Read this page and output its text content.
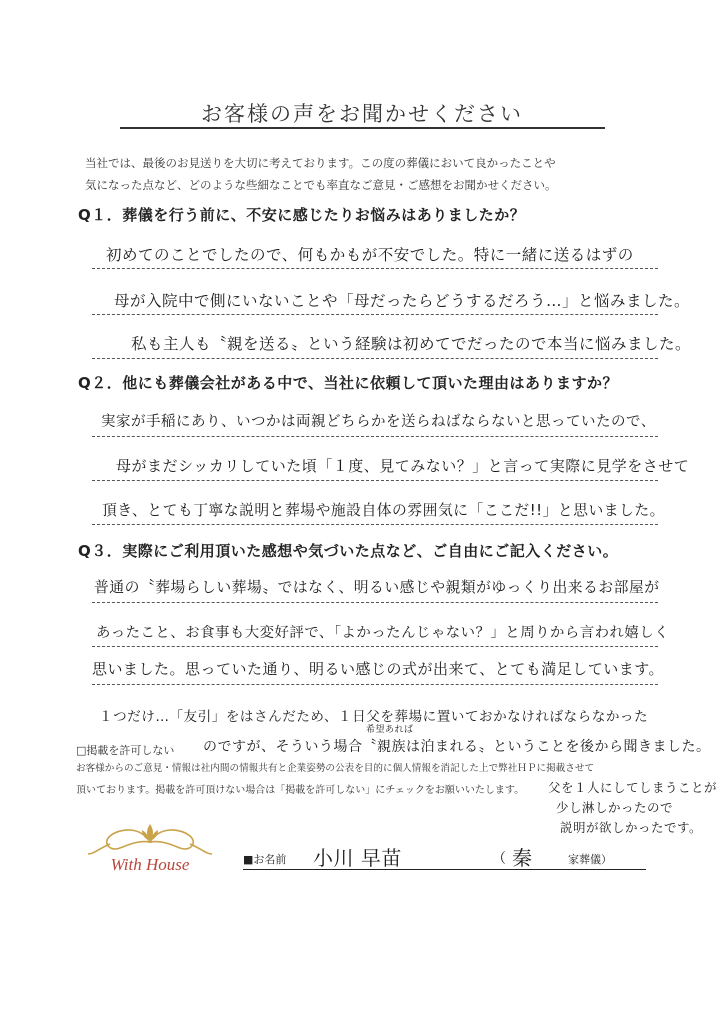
お客様の声をお聞かせください
当社では、最後のお見送りを大切に考えております。この度の葬儀において良かったことや
気になった点など、どのような些細なことでも率直なご意見・ご感想をお聞かせください。
Q１．葬儀を行う前に、不安に感じたりお悩みはありましたか？
初めてのことでしたので、何もかもが不安でした。特に一緒に送るはずの
母が入院中で側にいないことや「母だったらどうするだろう…」と悩みました。
私も主人も〝親を送る〟という経験は初めてでだったので本当に悩みました。
Q２．他にも葬儀会社がある中で、当社に依頼して頂いた理由はありますか？
実家が手稲にあり、いつかは両親どちらかを送らねばならないと思っていたので、
母がまだシッカリしていた頃「１度、見てみない？」と言って実際に見学をさせて
頂き、とても丁寧な説明と葬場や施設自体の雰囲気に「ここだ!!」と思いました。
Q３．実際にご利用頂いた感想や気づいた点など、ご自由にご記入ください。
普通の〝葬場らしい葬場〟ではなく、明るい感じや親類がゆっくり出来るお部屋が
あったこと、お食事も大変好評で、「よかったんじゃない？」と周りから言われ嬉しく
思いました。思っていた通り、明るい感じの式が出来て、とても満足しています。
１つだけ…「友引」をはさんだため、１日父を葬場に置いておかなければならなかった
希望あれば
のですが、そういう場合〝親族は泊まれる〟ということを後から聞きました。
□掲載を許可しない
お客様からのご意見・情報は社内間の情報共有と企業姿勢の公表を目的に個人情報を消記した上で弊社ＨＰに掲載させて
頂いております。掲載を許可頂けない場合は「掲載を許可しない」にチェックをお願いいたします。 父を１人にしてしまうことが
少し淋しかったので
説明が欲しかったです。
With House	■お名前 小川 早苗	（ 秦	家葬儀）
